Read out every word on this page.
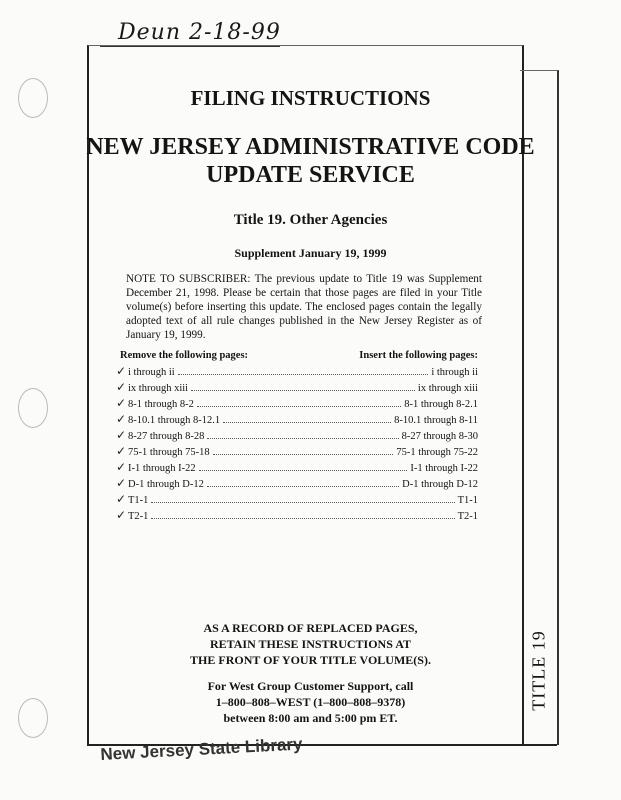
Deun 2-18-99
FILING INSTRUCTIONS
NEW JERSEY ADMINISTRATIVE CODE
UPDATE SERVICE
Title 19. Other Agencies
Supplement January 19, 1999
NOTE TO SUBSCRIBER: The previous update to Title 19 was Supplement December 21, 1998. Please be certain that those pages are filed in your Title volume(s) before inserting this update. The enclosed pages contain the legally adopted text of all rule changes published in the New Jersey Register as of January 19, 1999.
Remove the following pages:	Insert the following pages:
✓ i through ii	i through ii
✓ ix through xiii	ix through xiii
✓ 8-1 through 8-2	8-1 through 8-2.1
✓ 8-10.1 through 8-12.1	8-10.1 through 8-11
✓ 8-27 through 8-28	8-27 through 8-30
✓ 75-1 through 75-18	75-1 through 75-22
✓ I-1 through I-22	I-1 through I-22
✓ D-1 through D-12	D-1 through D-12
✓ T1-1	T1-1
✓ T2-1	T2-1
AS A RECORD OF REPLACED PAGES,
RETAIN THESE INSTRUCTIONS AT
THE FRONT OF YOUR TITLE VOLUME(S).
For West Group Customer Support, call
1–800–808–WEST (1–800–808–9378)
between 8:00 am and 5:00 pm ET.
TITLE 19
New Jersey State Library
